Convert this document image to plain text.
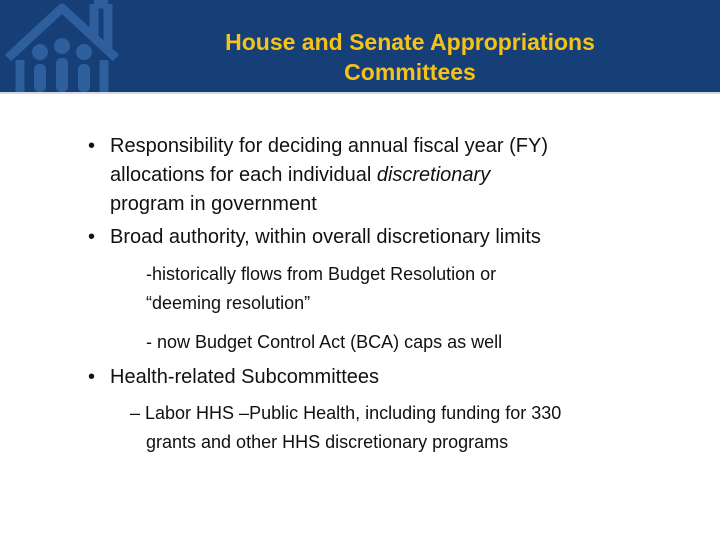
House and Senate Appropriations
Committees
• Responsibility for deciding annual fiscal year (FY)
allocations for each individual discretionary
program in government
• Broad authority, within overall discretionary limits
-historically flows from Budget Resolution or
“deeming resolution”
- now Budget Control Act (BCA) caps as well
• Health-related Subcommittees
– Labor HHS –Public Health, including funding for 330
grants and other HHS discretionary programs
